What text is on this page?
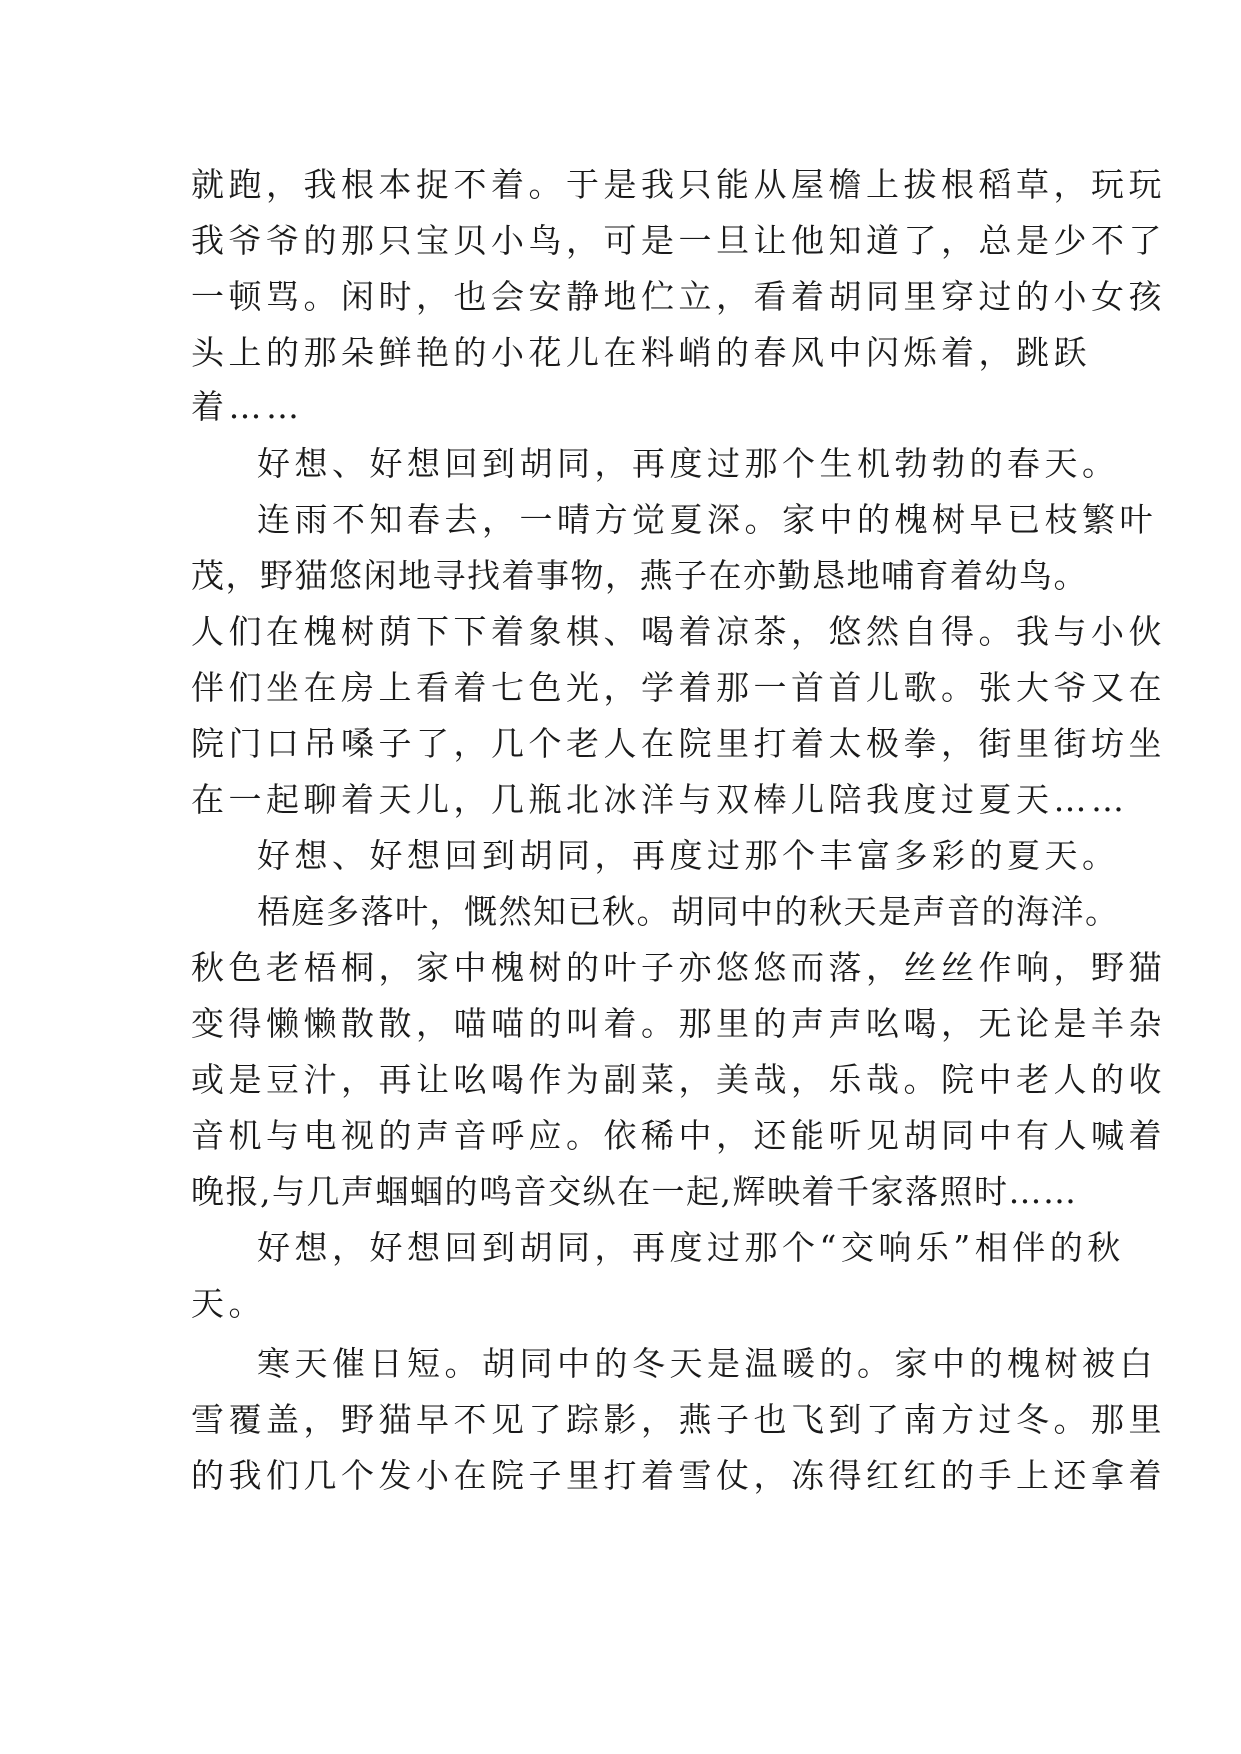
就跑，我根本捉不着。于是我只能从屋檐上拔根稻草，玩玩
我爷爷的那只宝贝小鸟，可是一旦让他知道了，总是少不了
一顿骂。闲时，也会安静地伫立，看着胡同里穿过的小女孩
头上的那朵鲜艳的小花儿在料峭的春风中闪烁着，跳跃
着……
好想、好想回到胡同，再度过那个生机勃勃的春天。
连雨不知春去，一晴方觉夏深。家中的槐树早已枝繁叶
茂，野猫悠闲地寻找着事物，燕子在亦勤恳地哺育着幼鸟。
人们在槐树荫下下着象棋、喝着凉茶，悠然自得。我与小伙
伴们坐在房上看着七色光，学着那一首首儿歌。张大爷又在
院门口吊嗓子了，几个老人在院里打着太极拳，街里街坊坐
在一起聊着天儿，几瓶北冰洋与双棒儿陪我度过夏天……
好想、好想回到胡同，再度过那个丰富多彩的夏天。
梧庭多落叶，慨然知已秋。胡同中的秋天是声音的海洋。
秋色老梧桐，家中槐树的叶子亦悠悠而落，丝丝作响，野猫
变得懒懒散散，喵喵的叫着。那里的声声吆喝，无论是羊杂
或是豆汁，再让吆喝作为副菜，美哉，乐哉。院中老人的收
音机与电视的声音呼应。依稀中，还能听见胡同中有人喊着
晚报,与几声蝈蝈的鸣音交纵在一起,辉映着千家落照时……
好想，好想回到胡同，再度过那个“交响乐”相伴的秋
天。
寒天催日短。胡同中的冬天是温暖的。家中的槐树被白
雪覆盖，野猫早不见了踪影，燕子也飞到了南方过冬。那里
的我们几个发小在院子里打着雪仗，冻得红红的手上还拿着
